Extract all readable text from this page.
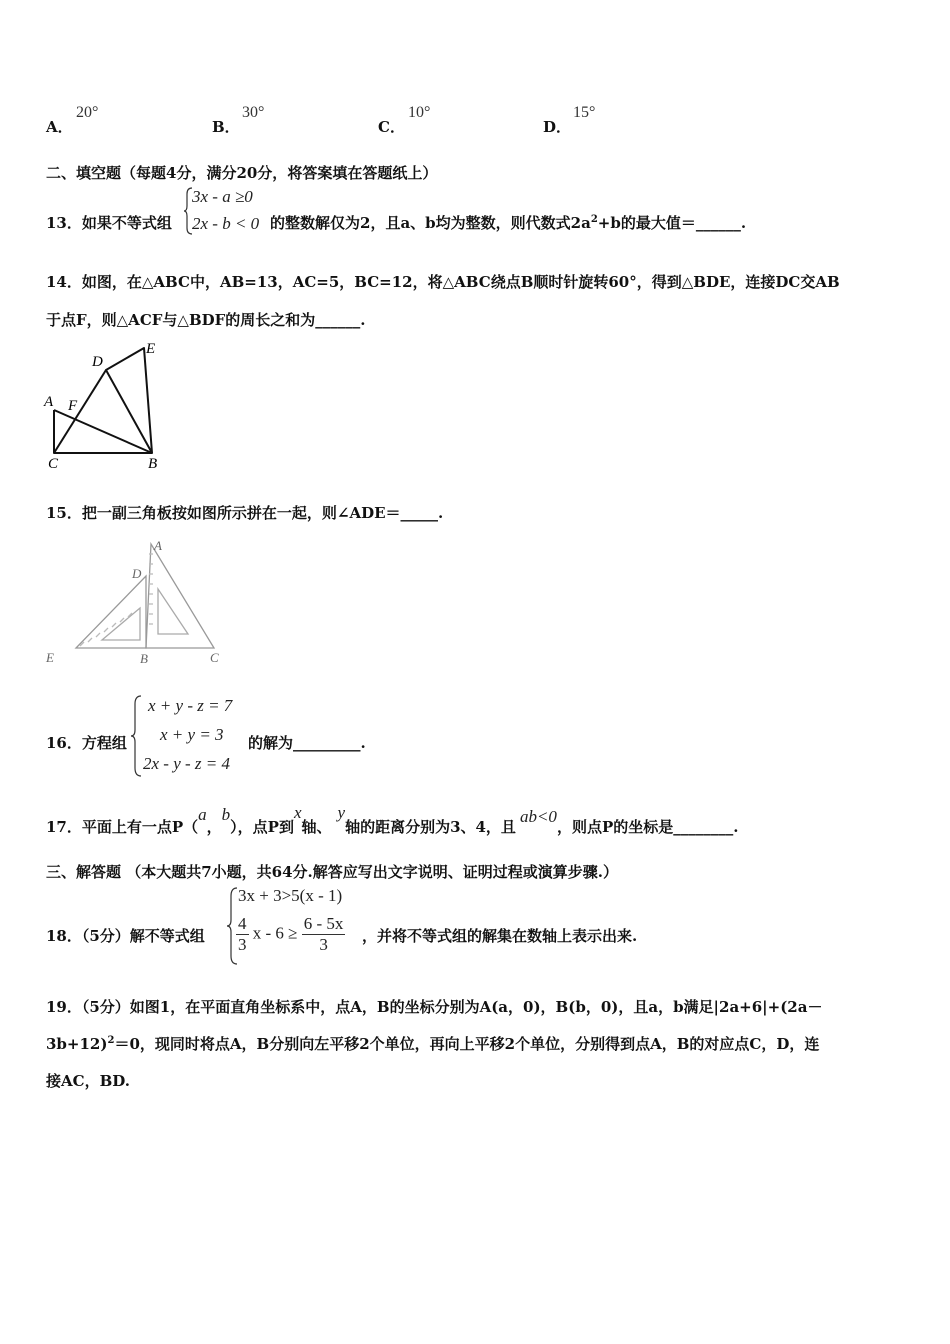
A．
20°
B．
30°
C．
10°
D．
15°
二、填空题（每题4分，满分20分，将答案填在答题纸上）
13．如果不等式组
3x - a ≥0
2x - b < 0 的整数解仅为2，且a、b均为整数，则代数式$2a^2+b$的最大值＝______.
14．如图，在△ABC中，AB=13，AC=5，BC=12，将△ABC绕点B顺时针旋转60°，得到△BDE，连接DC交AB
于点F，则△ACF与△BDF的周长之和为______.
D
E
A F
C	B
15．把一副三角板按如图所示拼在一起，则∠ADE＝_____.
A
D
E	B	C
16．方程组
x + y - z = 7
x + y = 3
2x - y - z = 4
的解为_________.
17．平面上有一点P（a，b），点P到x轴、y轴的距离分别为3、4，且ab<0，则点P的坐标是________.
三、解答题 （本大题共7小题，共64分.解答应写出文字说明、证明过程或演算步骤.）
18．（5分）解不等式组
3x + 3>5(x - 1)
$\frac{4}{3}$ $x - 6 \ge \frac{6 - 5x}{3}$ ，并将不等式组的解集在数轴上表示出来.
19．（5分）如图1，在平面直角坐标系中，点A，B的坐标分别为A(a，0)，B(b，0)，且a，b满足|2a+6|+(2a－
3b+12)$^2$＝0，现同时将点A，B分别向左平移2个单位，再向上平移2个单位，分别得到点A，B的对应点C，D，连
接AC，BD.
